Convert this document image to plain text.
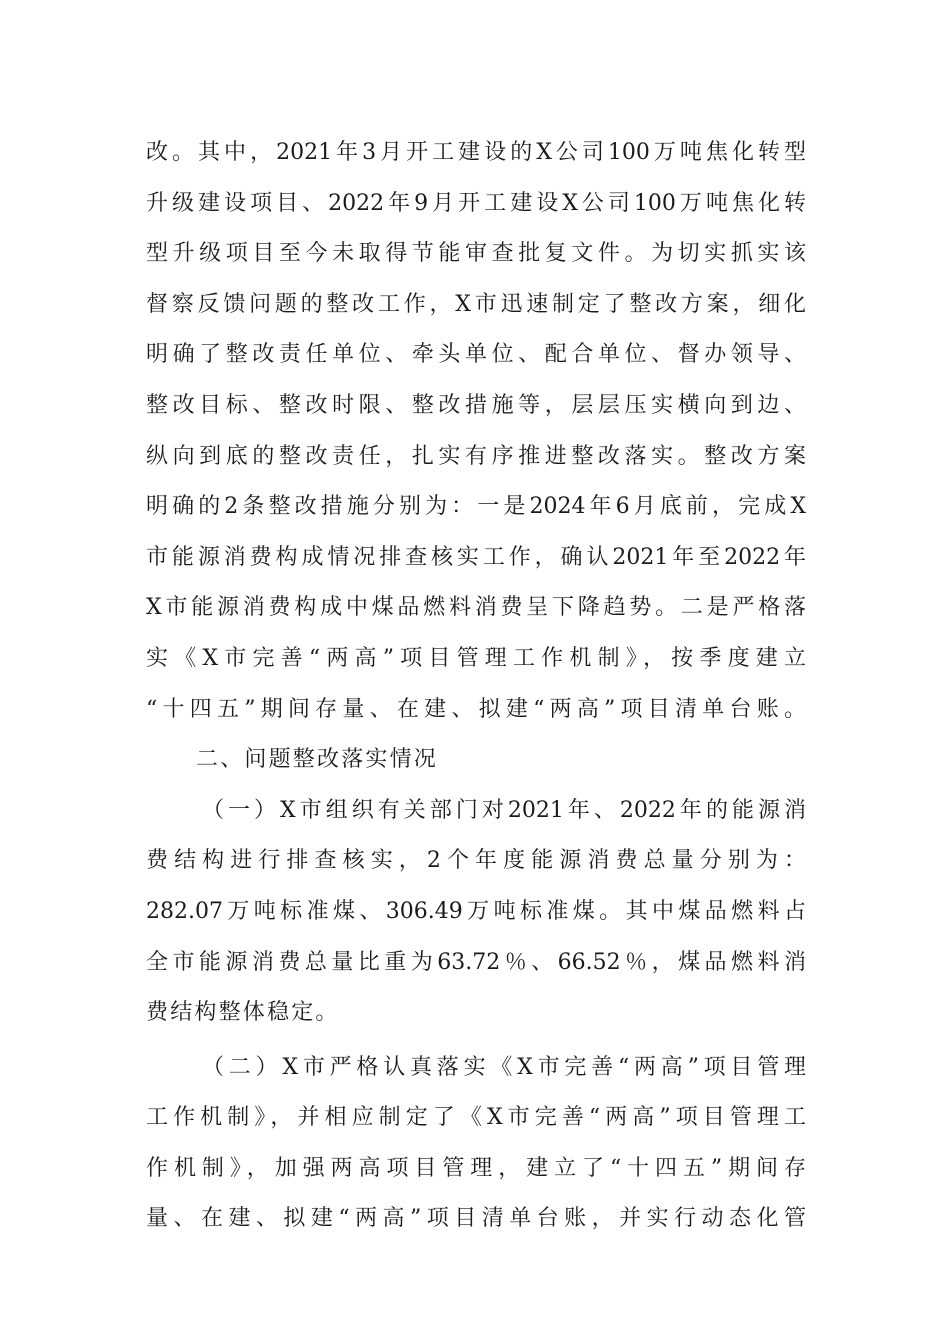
改。其中，2021年3月开工建设的X公司100万吨焦化转型
升级建设项目、2022年9月开工建设X公司100万吨焦化转
型升级项目至今未取得节能审查批复文件。为切实抓实该
督察反馈问题的整改工作，X市迅速制定了整改方案，细化
明确了整改责任单位、牵头单位、配合单位、督办领导、
整改目标、整改时限、整改措施等，层层压实横向到边、
纵向到底的整改责任，扎实有序推进整改落实。整改方案
明确的2条整改措施分别为：一是2024年6月底前，完成X
市能源消费构成情况排查核实工作，确认2021年至2022年
X市能源消费构成中煤品燃料消费呈下降趋势。二是严格落
实《X市完善“两高”项目管理工作机制》，按季度建立
“十四五”期间存量、在建、拟建“两高”项目清单台账。
二、问题整改落实情况
（一）X市组织有关部门对2021年、2022年的能源消
费结构进行排查核实，2个年度能源消费总量分别为：
282.07万吨标准煤、306.49万吨标准煤。其中煤品燃料占
全市能源消费总量比重为63.72％、66.52％，煤品燃料消
费结构整体稳定。
（二）X市严格认真落实《X市完善“两高”项目管理
工作机制》，并相应制定了《X市完善“两高”项目管理工
作机制》，加强两高项目管理，建立了“十四五”期间存
量、在建、拟建“两高”项目清单台账，并实行动态化管
